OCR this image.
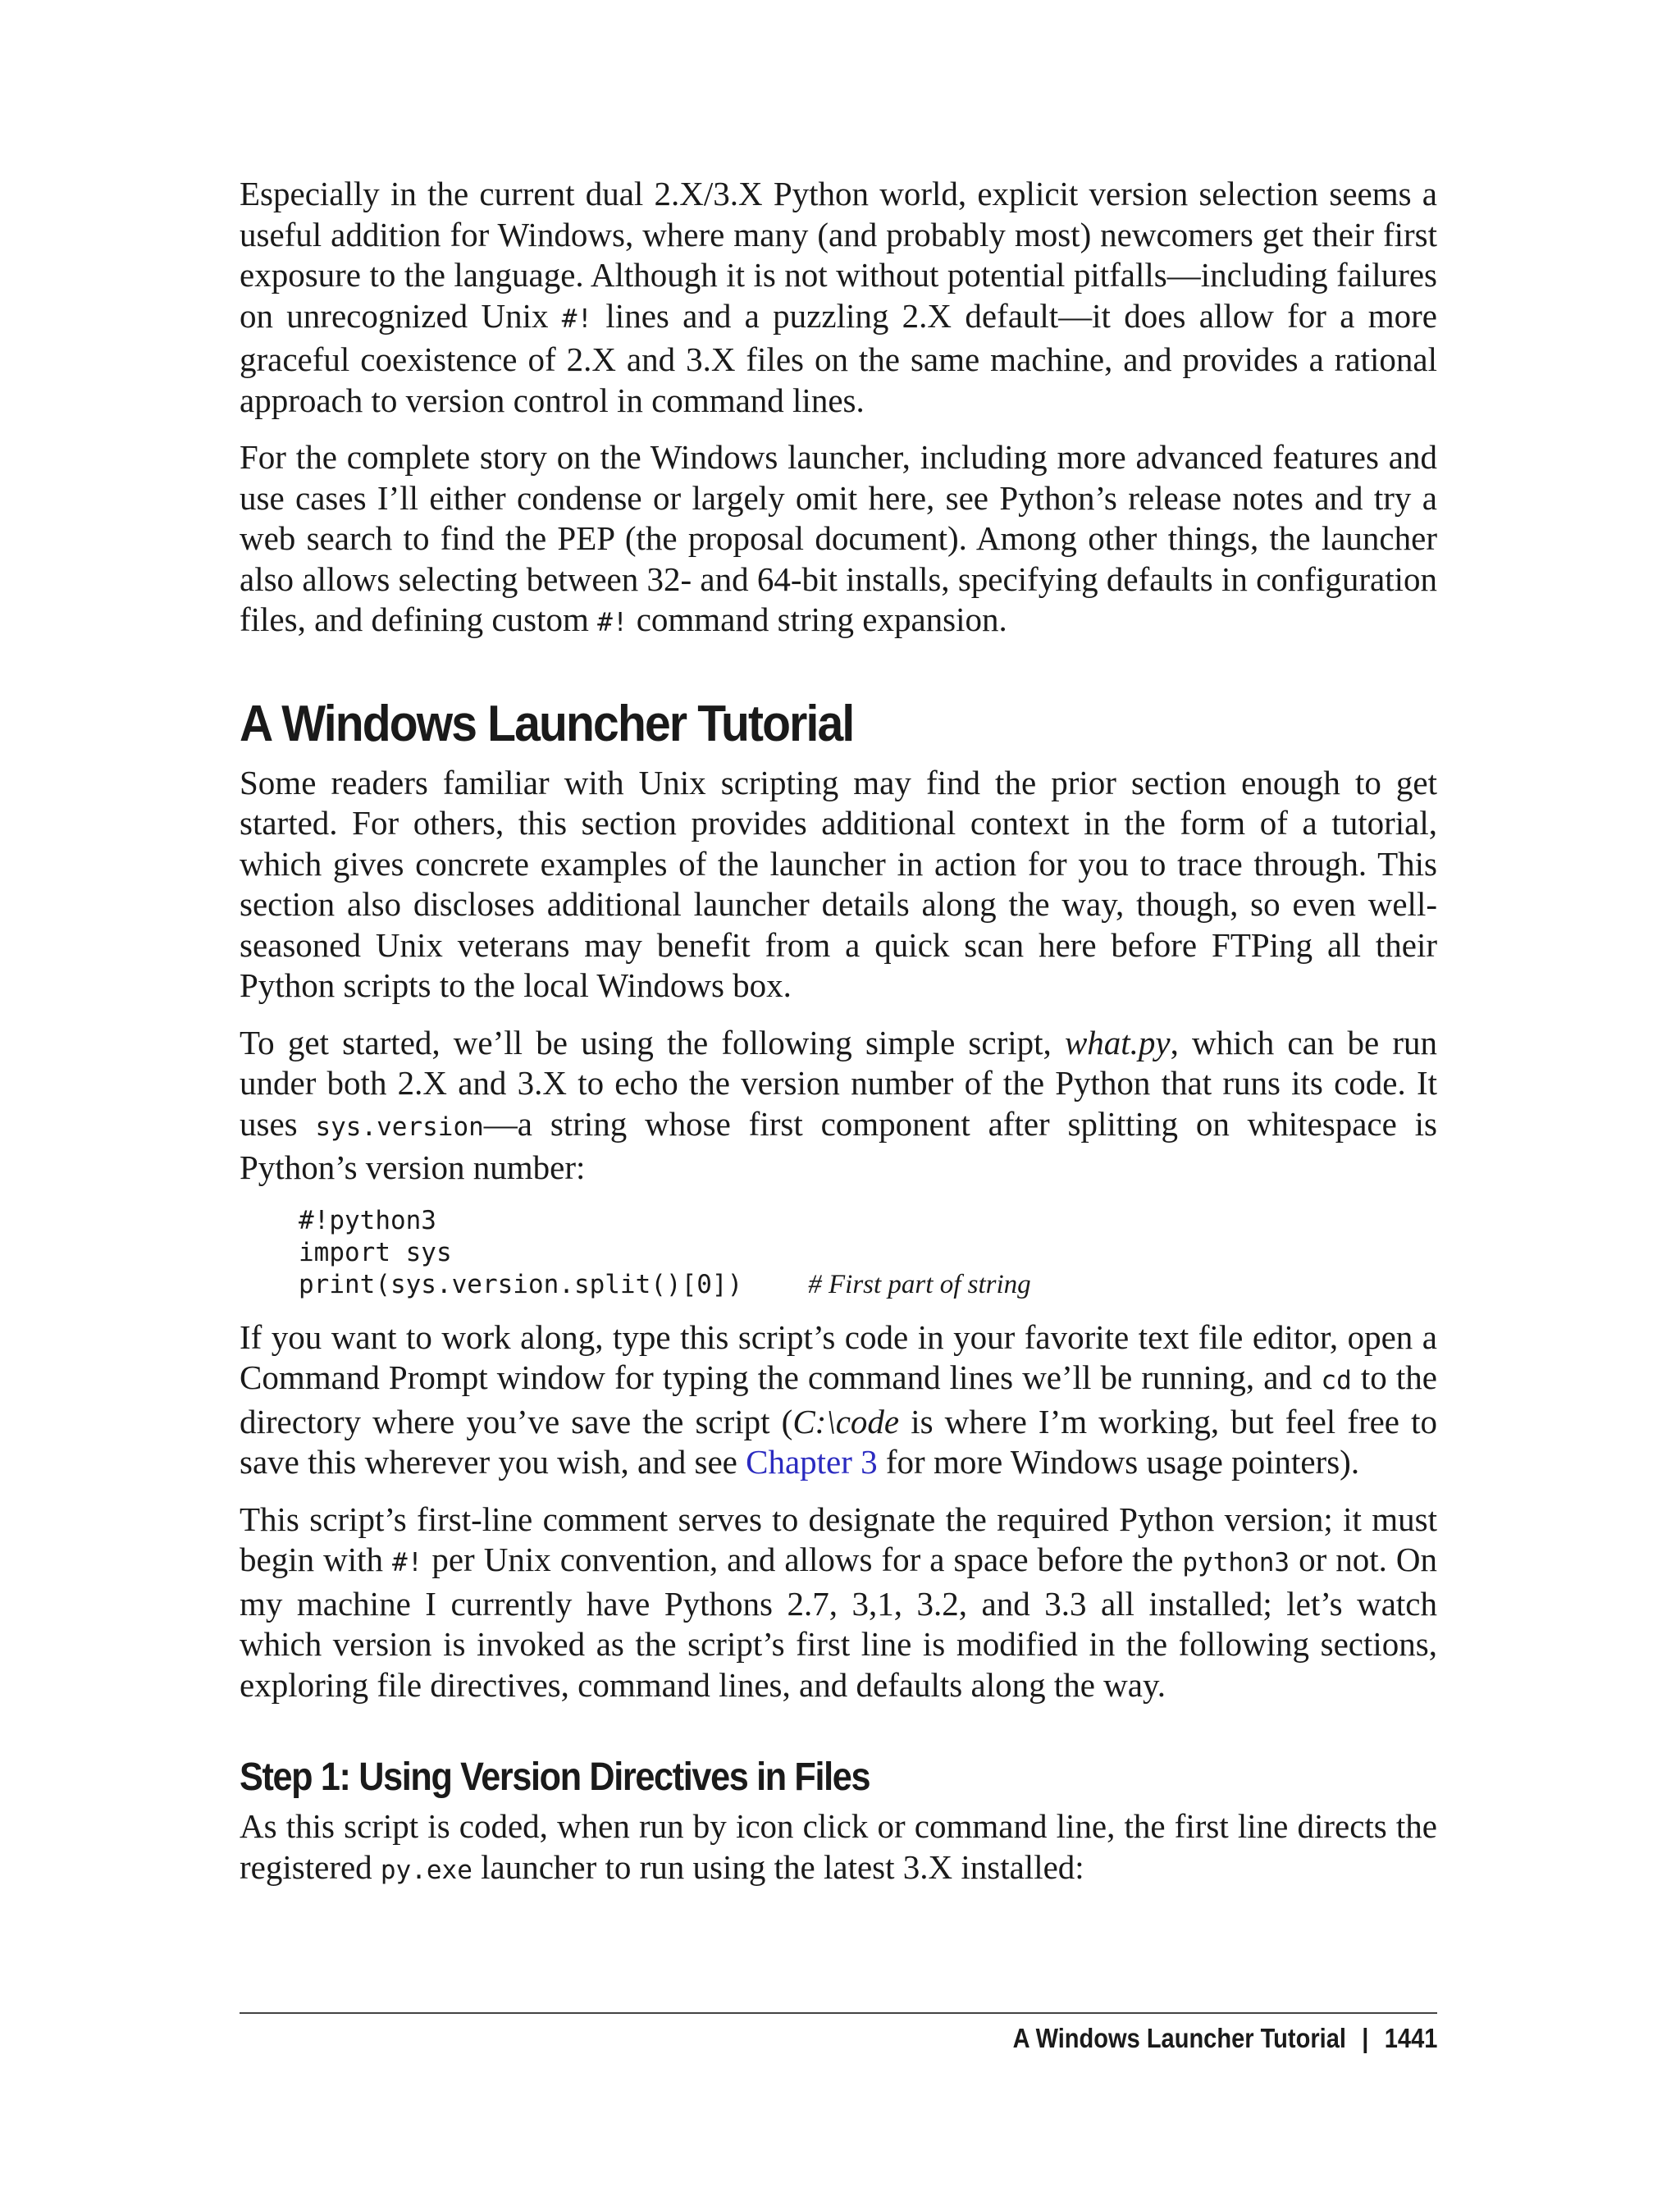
Especially in the current dual 2.X/3.X Python world, explicit version selection seems a useful addition for Windows, where many (and probably most) newcomers get their first exposure to the language. Although it is not without potential pitfalls—including failures on unrecognized Unix #! lines and a puzzling 2.X default—it does allow for a more graceful coexistence of 2.X and 3.X files on the same machine, and provides a rational approach to version control in command lines.

For the complete story on the Windows launcher, including more advanced features and use cases I’ll either condense or largely omit here, see Python’s release notes and try a web search to find the PEP (the proposal document). Among other things, the launcher also allows selecting between 32- and 64-bit installs, specifying defaults in configuration files, and defining custom #! command string expansion.

A Windows Launcher Tutorial

Some readers familiar with Unix scripting may find the prior section enough to get started. For others, this section provides additional context in the form of a tutorial, which gives concrete examples of the launcher in action for you to trace through. This section also discloses additional launcher details along the way, though, so even well-seasoned Unix veterans may benefit from a quick scan here before FTPing all their Python scripts to the local Windows box.

To get started, we’ll be using the following simple script, what.py, which can be run under both 2.X and 3.X to echo the version number of the Python that runs its code. It uses sys.version—a string whose first component after splitting on whitespace is Python’s version number:

#!python3
import sys
print(sys.version.split()[0]) # First part of string

If you want to work along, type this script’s code in your favorite text file editor, open a Command Prompt window for typing the command lines we’ll be running, and cd to the directory where you’ve save the script (C:\code is where I’m working, but feel free to save this wherever you wish, and see Chapter 3 for more Windows usage pointers).

This script’s first-line comment serves to designate the required Python version; it must begin with #! per Unix convention, and allows for a space before the python3 or not. On my machine I currently have Pythons 2.7, 3,1, 3.2, and 3.3 all installed; let’s watch which version is invoked as the script’s first line is modified in the following sections, exploring file directives, command lines, and defaults along the way.

Step 1: Using Version Directives in Files

As this script is coded, when run by icon click or command line, the first line directs the registered py.exe launcher to run using the latest 3.X installed:

A Windows Launcher Tutorial | 1441
